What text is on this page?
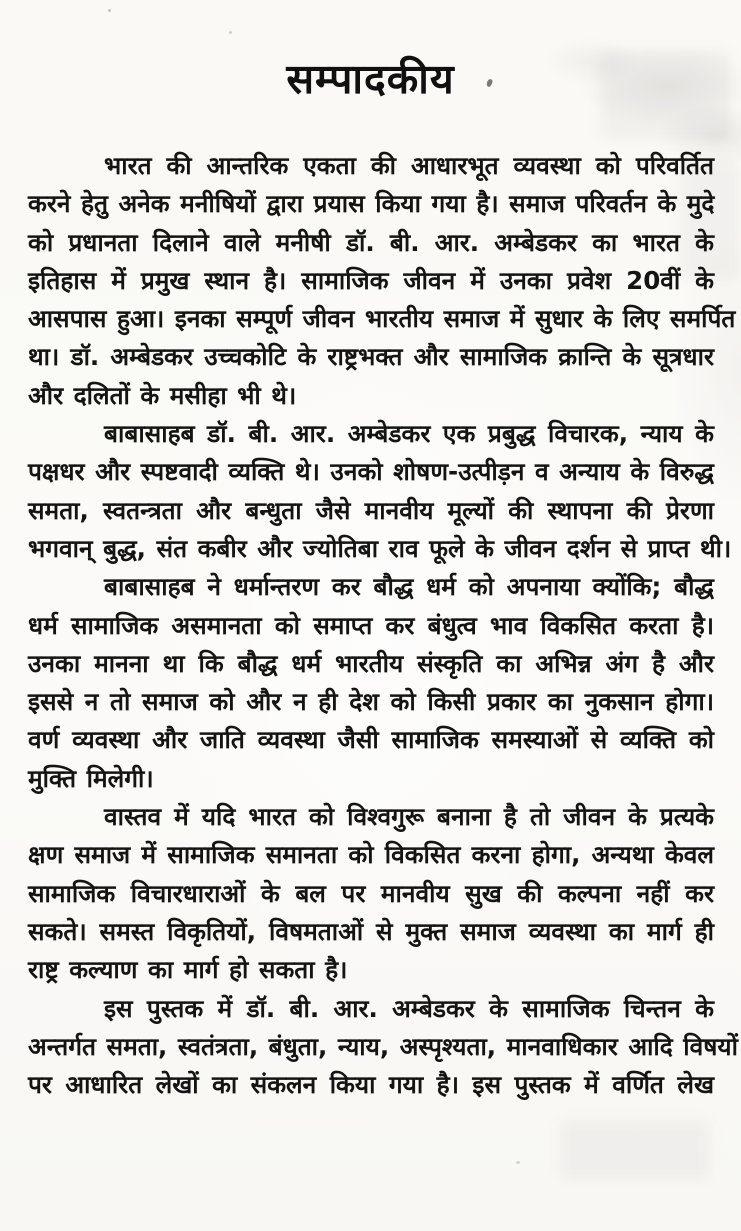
सम्पादकीय
भारत की आन्तरिक एकता की आधारभूत व्यवस्था को परिवर्तित
करने हेतु अनेक मनीषियों द्वारा प्रयास किया गया है। समाज परिवर्तन के मुदे
को प्रधानता दिलाने वाले मनीषी डॉ. बी. आर. अम्बेडकर का भारत के
इतिहास में प्रमुख स्थान है। सामाजिक जीवन में उनका प्रवेश 20वीं के
आसपास हुआ। इनका सम्पूर्ण जीवन भारतीय समाज में सुधार के लिए समर्पित
था। डॉ. अम्बेडकर उच्चकोटि के राष्ट्रभक्त और सामाजिक क्रान्ति के सूत्रधार
और दलितों के मसीहा भी थे।
बाबासाहब डॉ. बी. आर. अम्बेडकर एक प्रबुद्ध विचारक, न्याय के
पक्षधर और स्पष्टवादी व्यक्ति थे। उनको शोषण-उत्पीड़न व अन्याय के विरुद्ध
समता, स्वतन्त्रता और बन्धुता जैसे मानवीय मूल्यों की स्थापना की प्रेरणा
भगवान् बुद्ध, संत कबीर और ज्योतिबा राव फूले के जीवन दर्शन से प्राप्त थी।
बाबासाहब ने धर्मान्तरण कर बौद्ध धर्म को अपनाया क्योंकि; बौद्ध
धर्म सामाजिक असमानता को समाप्त कर बंधुत्व भाव विकसित करता है।
उनका मानना था कि बौद्ध धर्म भारतीय संस्कृति का अभिन्न अंग है और
इससे न तो समाज को और न ही देश को किसी प्रकार का नुकसान होगा।
वर्ण व्यवस्था और जाति व्यवस्था जैसी सामाजिक समस्याओं से व्यक्ति को
मुक्ति मिलेगी।
वास्तव में यदि भारत को विश्वगुरू बनाना है तो जीवन के प्रत्यके
क्षण समाज में सामाजिक समानता को विकसित करना होगा, अन्यथा केवल
सामाजिक विचारधाराओं के बल पर मानवीय सुख की कल्पना नहीं कर
सकते। समस्त विकृतियों, विषमताओं से मुक्त समाज व्यवस्था का मार्ग ही
राष्ट्र कल्याण का मार्ग हो सकता है।
इस पुस्तक में डॉ. बी. आर. अम्बेडकर के सामाजिक चिन्तन के
अन्तर्गत समता, स्वतंत्रता, बंधुता, न्याय, अस्पृश्यता, मानवाधिकार आदि विषयों
पर आधारित लेखों का संकलन किया गया है। इस पुस्तक में वर्णित लेख
